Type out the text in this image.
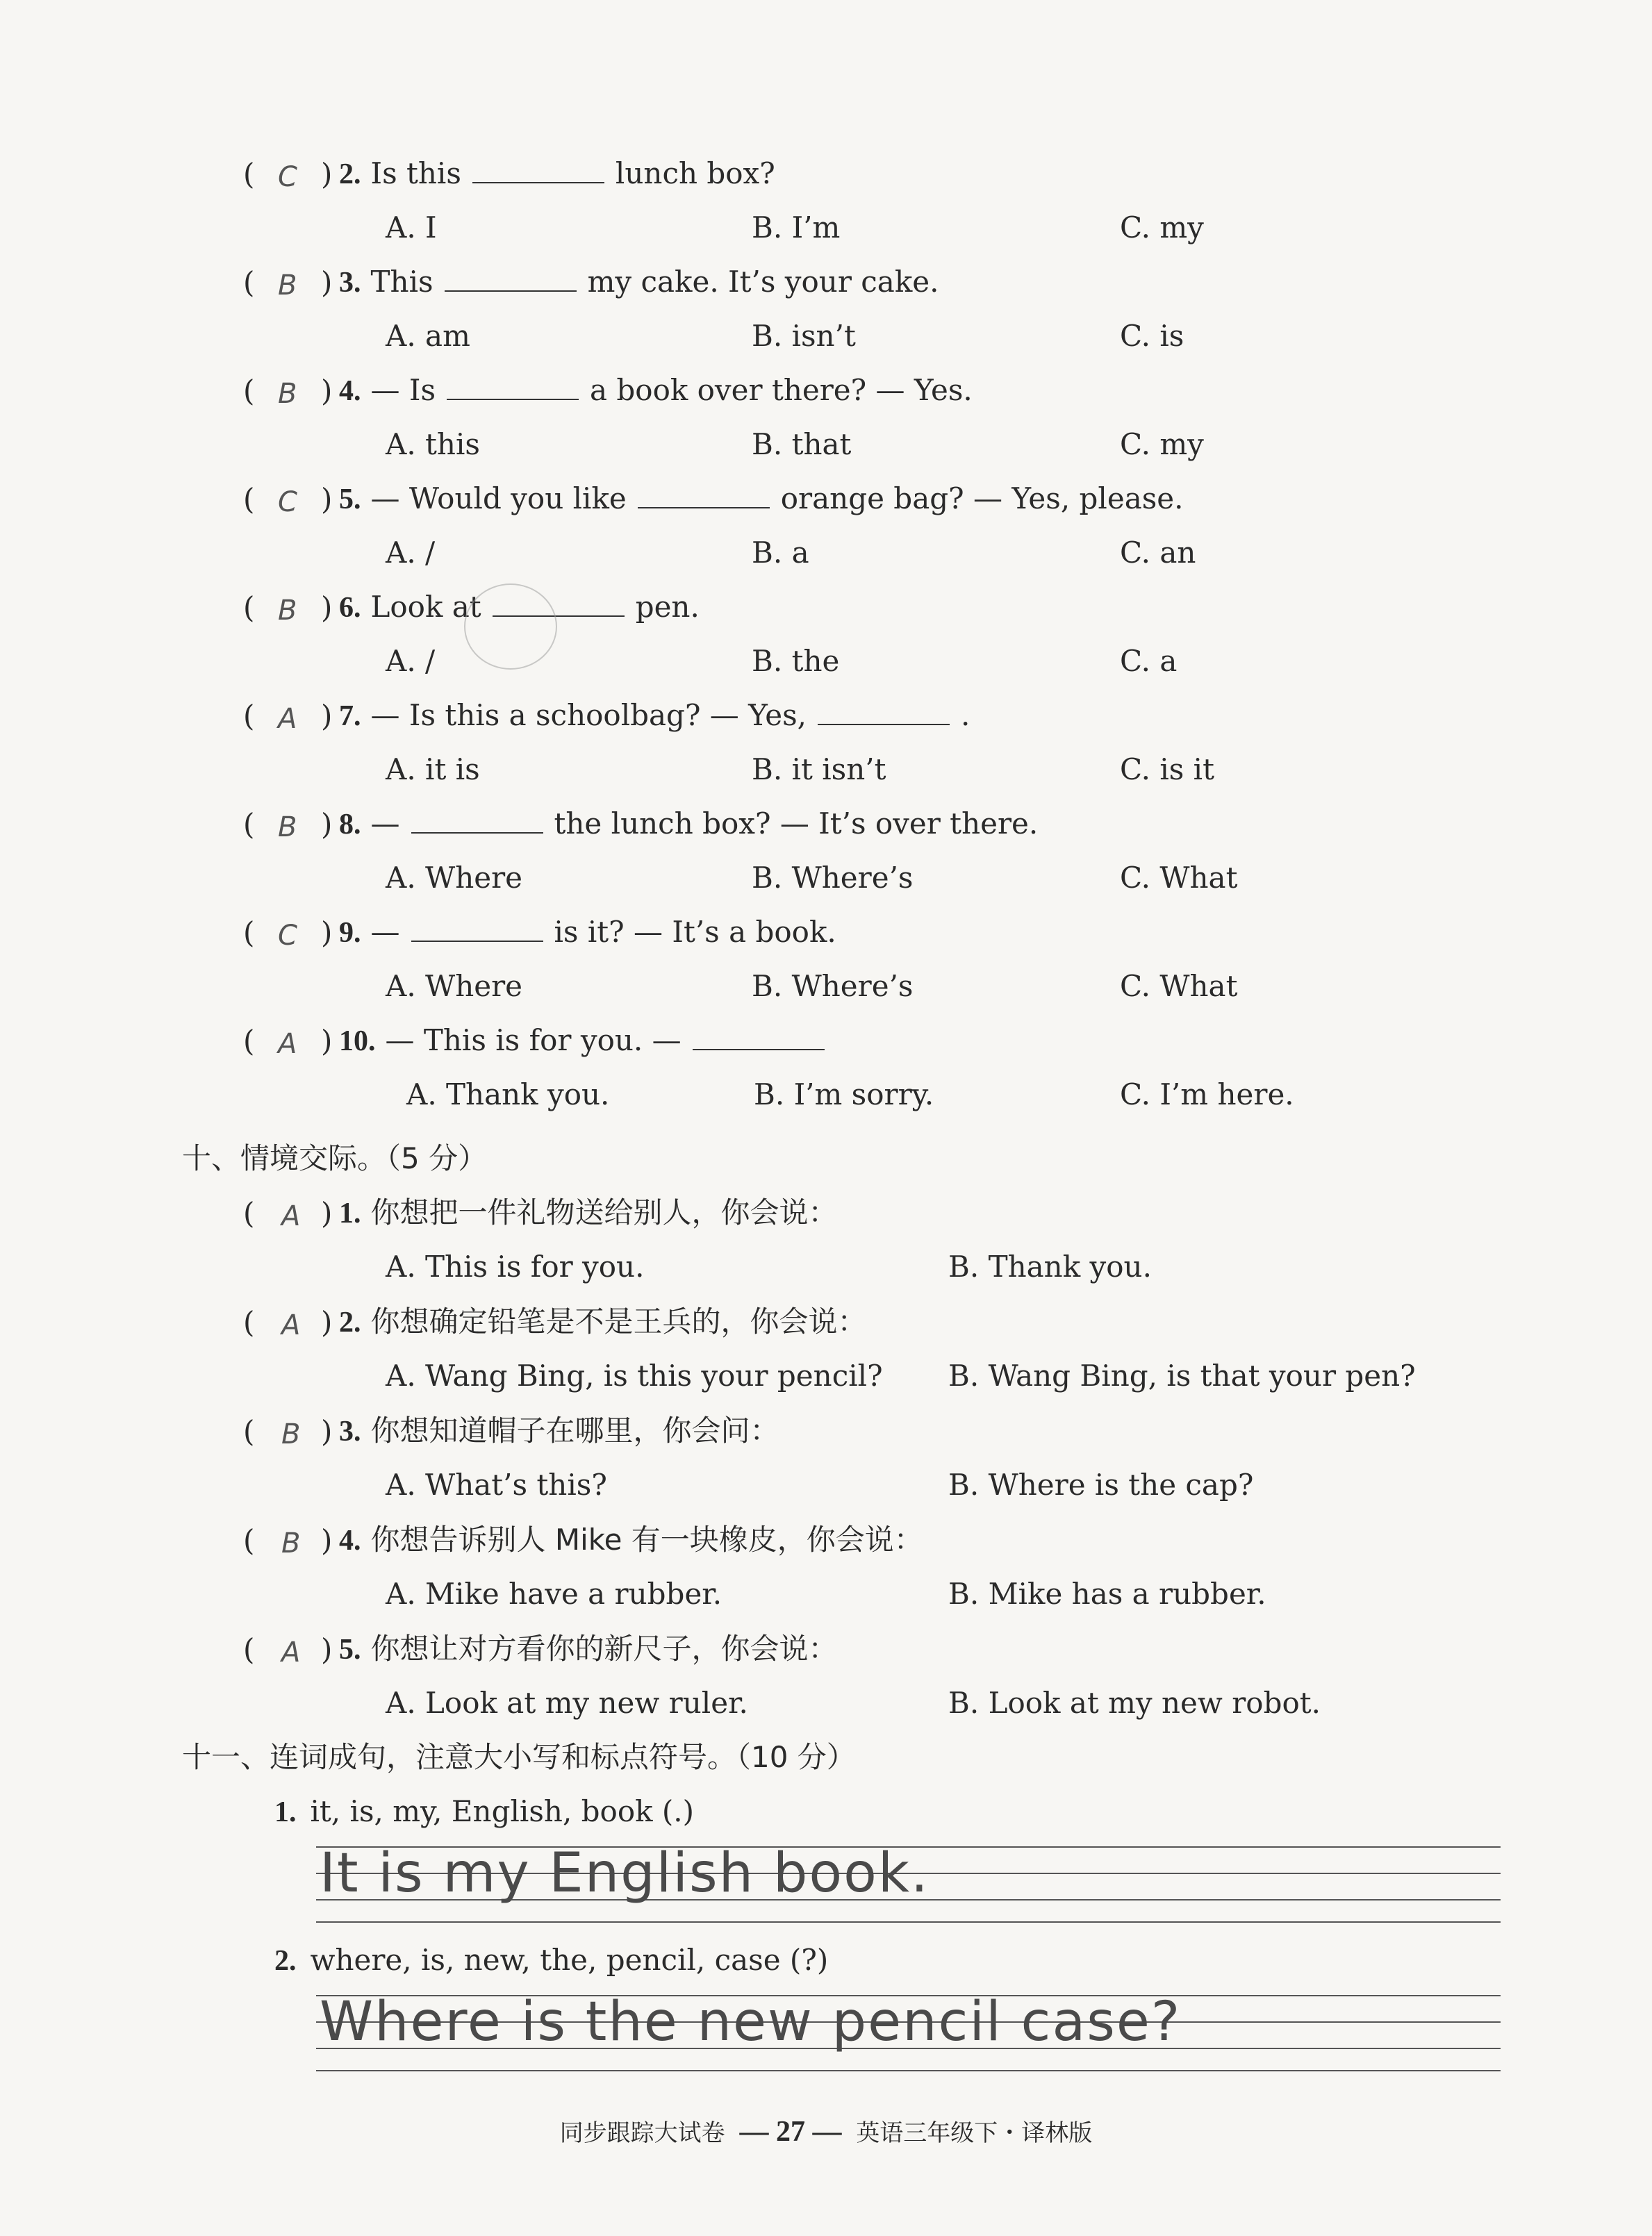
( )
C 2. Is this	lunch box?
A. I	B. I’m	C. my
( )
B 3. This	my cake. It’s your cake.
A. am	B. isn’t	C. is
( )
B 4. — Is	a book over there? — Yes.
A. this	B. that	C. my
( )
C 5. — Would you like	orange bag? — Yes, please.
A. /	B. a	C. an
( )
B 6. Look at	pen.
A. /	B. the	C. a
( )
A 7. — Is this a schoolbag? — Yes,	.
A. it is	B. it isn’t	C. is it
( )
B 8. —	the lunch box? — It’s over there.
A. Where	B. Where’s	C. What
( )
C 9. —	is it? — It’s a book.
A. Where	B. Where’s	C. What
( )
A 10. — This is for you. —
A. Thank you.	B. I’m sorry.	C. I’m here.
十、情境交际。（5 分）
( )
A 1. 你想把一件礼物送给别人，你会说：
A. This is for you.	B. Thank you.
( )
A 2. 你想确定铅笔是不是王兵的，你会说：
A. Wang Bing, is this your pencil? B. Wang Bing, is that your pen?
( )
B 3. 你想知道帽子在哪里，你会问：
A. What’s this?	B. Where is the cap?
( )
B 4. 你想告诉别人 Mike 有一块橡皮，你会说：
A. Mike have a rubber.	B. Mike has a rubber.
( )
A 5. 你想让对方看你的新尺子，你会说：
A. Look at my new ruler.	B. Look at my new robot.
十一、连词成句，注意大小写和标点符号。（10 分）
1. it, is, my, English, book (.)
It is my English book.
2. where, is, new, the, pencil, case (?)
Where is the new pencil case?
同步跟踪大试卷 — 27 — 英语三年级下・译林版
